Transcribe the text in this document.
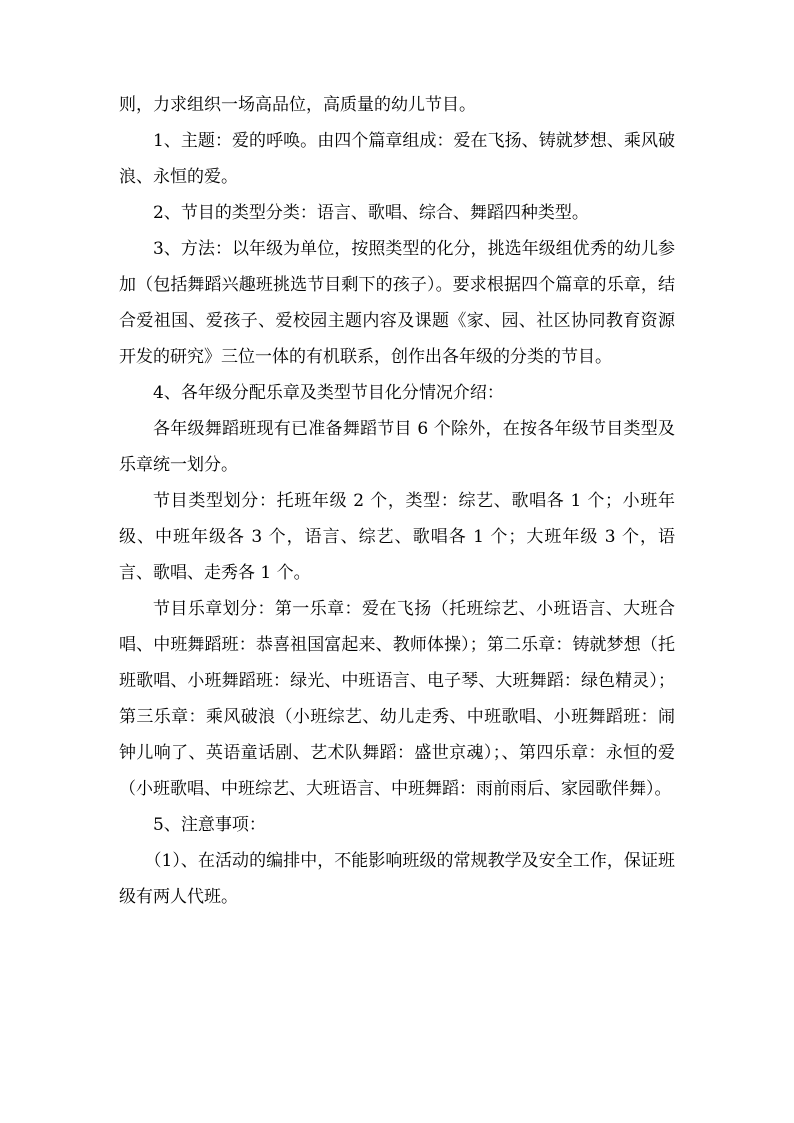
则，力求组织一场高品位，高质量的幼儿节目。

1、主题：爱的呼唤。由四个篇章组成：爱在飞扬、铸就梦想、乘风破浪、永恒的爱。

2、节目的类型分类：语言、歌唱、综合、舞蹈四种类型。

3、方法：以年级为单位，按照类型的化分，挑选年级组优秀的幼儿参加（包括舞蹈兴趣班挑选节目剩下的孩子）。要求根据四个篇章的乐章，结合爱祖国、爱孩子、爱校园主题内容及课题《家、园、社区协同教育资源开发的研究》三位一体的有机联系，创作出各年级的分类的节目。

4、各年级分配乐章及类型节目化分情况介绍：

各年级舞蹈班现有已准备舞蹈节目 6 个除外，在按各年级节目类型及乐章统一划分。

节目类型划分：托班年级 2 个，类型：综艺、歌唱各 1 个；小班年级、中班年级各 3 个，语言、综艺、歌唱各 1 个；大班年级 3 个，语言、歌唱、走秀各 1 个。

节目乐章划分：第一乐章：爱在飞扬（托班综艺、小班语言、大班合唱、中班舞蹈班：恭喜祖国富起来、教师体操）；第二乐章：铸就梦想（托班歌唱、小班舞蹈班：绿光、中班语言、电子琴、大班舞蹈：绿色精灵）；第三乐章：乘风破浪（小班综艺、幼儿走秀、中班歌唱、小班舞蹈班：闹钟儿响了、英语童话剧、艺术队舞蹈：盛世京魂）；、第四乐章：永恒的爱（小班歌唱、中班综艺、大班语言、中班舞蹈：雨前雨后、家园歌伴舞）。

5、注意事项：

（1）、在活动的编排中，不能影响班级的常规教学及安全工作，保证班级有两人代班。
